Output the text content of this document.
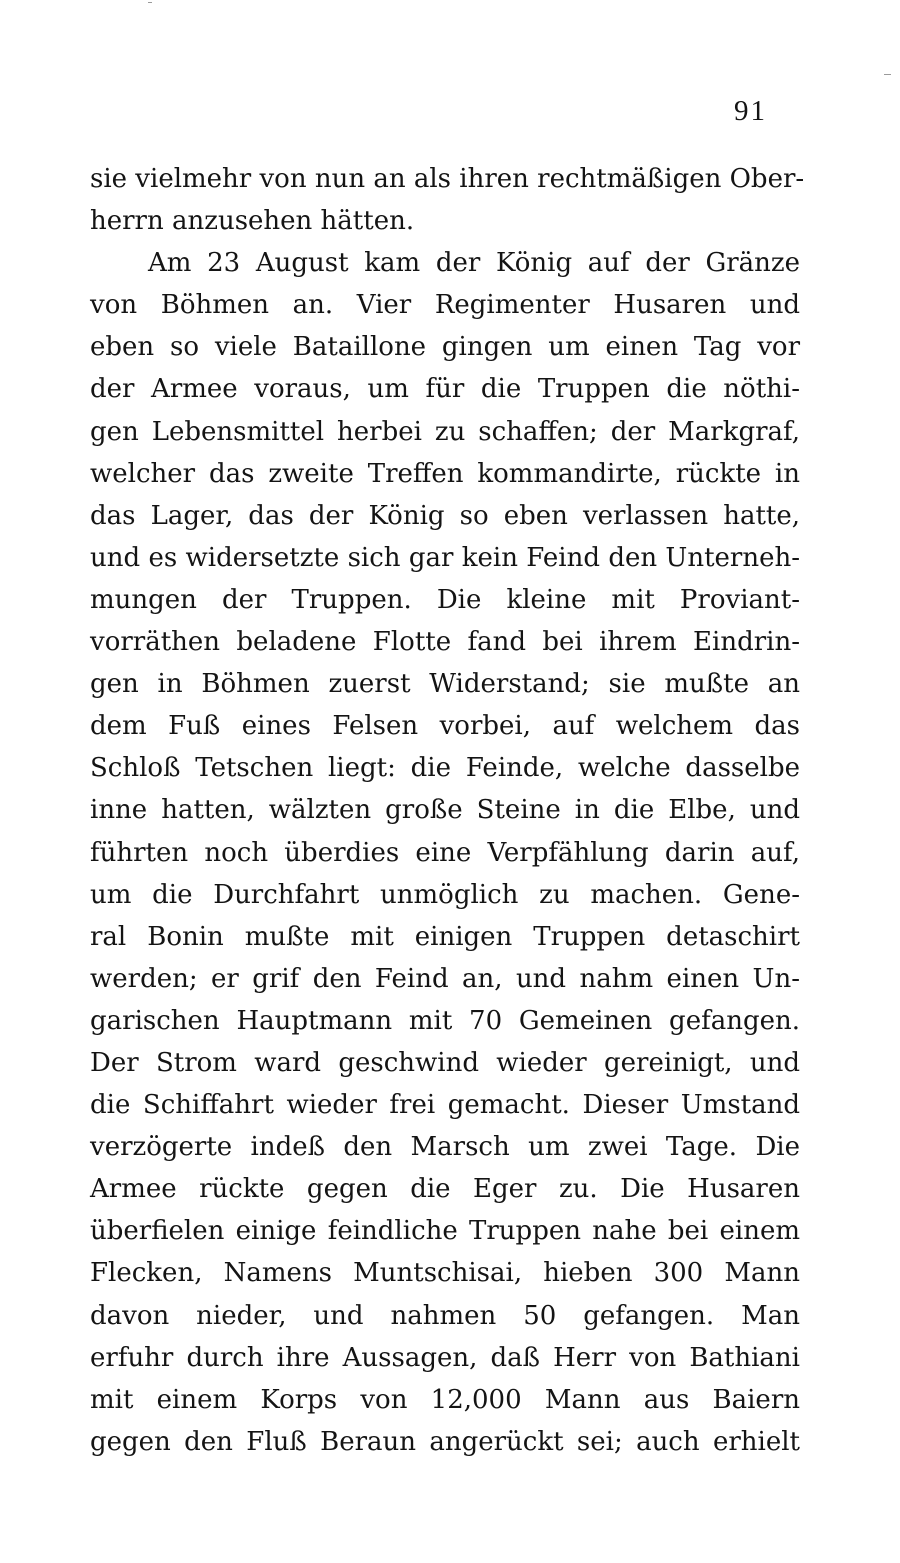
91
sie vielmehr von nun an als ihren rechtmäßigen Ober-
herrn anzusehen hätten.
Am 23 August kam der König auf der Gränze
von Böhmen an. Vier Regimenter Husaren und
eben so viele Bataillone gingen um einen Tag vor
der Armee voraus, um für die Truppen die nöthi-
gen Lebensmittel herbei zu schaffen; der Markgraf,
welcher das zweite Treffen kommandirte, rückte in
das Lager, das der König so eben verlassen hatte,
und es widersetzte sich gar kein Feind den Unterneh-
mungen der Truppen. Die kleine mit Proviant-
vorräthen beladene Flotte fand bei ihrem Eindrin-
gen in Böhmen zuerst Widerstand; sie mußte an
dem Fuß eines Felsen vorbei, auf welchem das
Schloß Tetschen liegt: die Feinde, welche dasselbe
inne hatten, wälzten große Steine in die Elbe, und
führten noch überdies eine Verpfählung darin auf,
um die Durchfahrt unmöglich zu machen. Gene-
ral Bonin mußte mit einigen Truppen detaschirt
werden; er grif den Feind an, und nahm einen Un-
garischen Hauptmann mit 70 Gemeinen gefangen.
Der Strom ward geschwind wieder gereinigt, und
die Schiffahrt wieder frei gemacht. Dieser Umstand
verzögerte indeß den Marsch um zwei Tage. Die
Armee rückte gegen die Eger zu. Die Husaren
überfielen einige feindliche Truppen nahe bei einem
Flecken, Namens Muntschisai, hieben 300 Mann
davon nieder, und nahmen 50 gefangen. Man
erfuhr durch ihre Aussagen, daß Herr von Bathiani
mit einem Korps von 12,000 Mann aus Baiern
gegen den Fluß Beraun angerückt sei; auch erhielt
